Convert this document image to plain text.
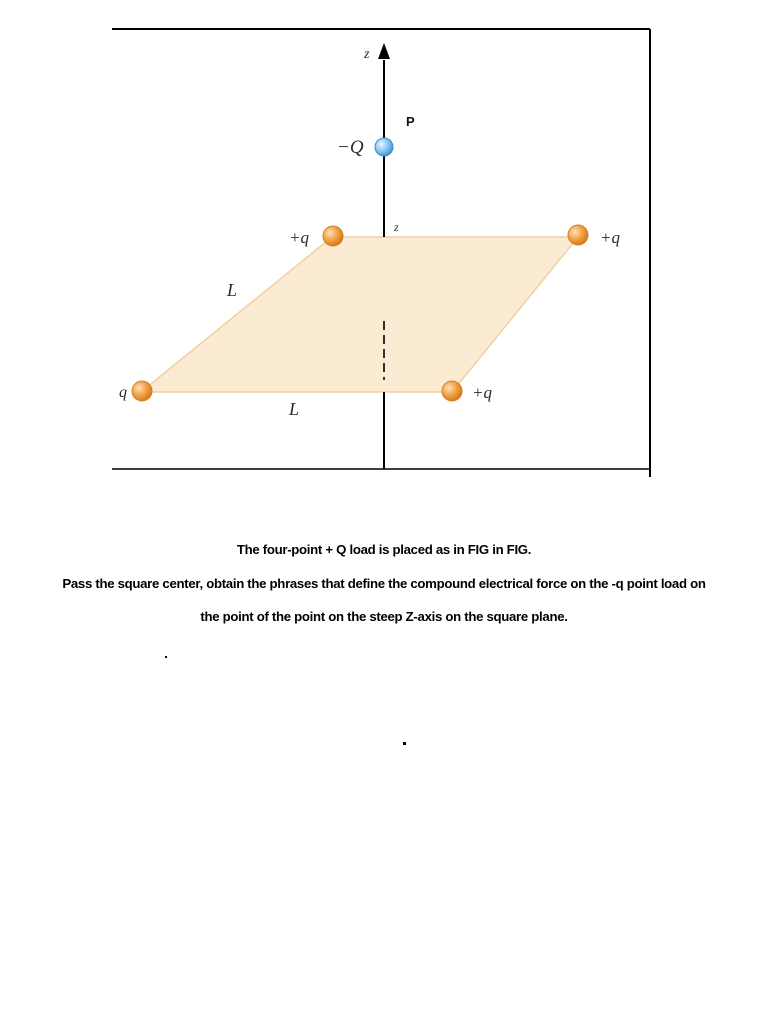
z
z
P
−Q
+q	+q
+q
q
L
L
The four-point + Q load is placed as in FIG in FIG.
Pass the square center, obtain the phrases that define the compound electrical force on the -q point load on
the point of the point on the steep Z-axis on the square plane.
